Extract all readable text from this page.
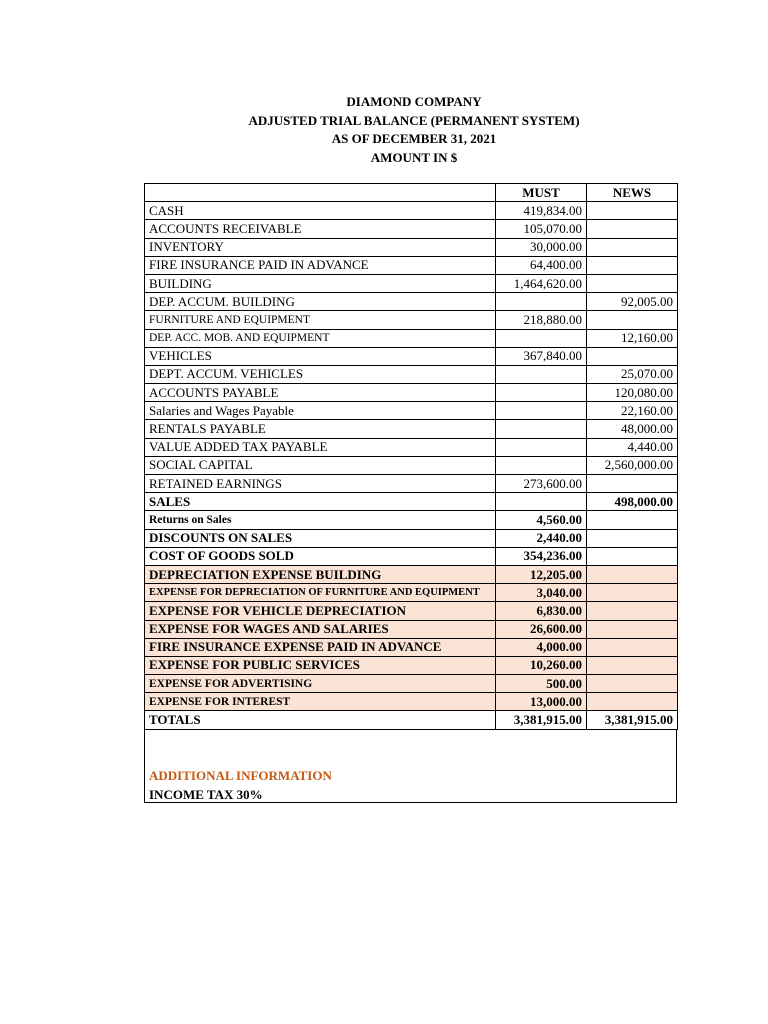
DIAMOND COMPANY
ADJUSTED TRIAL BALANCE (PERMANENT SYSTEM)
AS OF DECEMBER 31, 2021
AMOUNT IN $
	MUST	NEWS
CASH	419,834.00	
ACCOUNTS RECEIVABLE	105,070.00	
INVENTORY	30,000.00	
FIRE INSURANCE PAID IN ADVANCE	64,400.00	
BUILDING	1,464,620.00	
DEP. ACCUM. BUILDING		92,005.00
FURNITURE AND EQUIPMENT	218,880.00	
DEP. ACC. MOB. AND EQUIPMENT		12,160.00
VEHICLES	367,840.00	
DEPT. ACCUM. VEHICLES		25,070.00
ACCOUNTS PAYABLE		120,080.00
Salaries and Wages Payable		22,160.00
RENTALS PAYABLE		48,000.00
VALUE ADDED TAX PAYABLE		4,440.00
SOCIAL CAPITAL		2,560,000.00
RETAINED EARNINGS	273,600.00	
SALES		498,000.00
Returns on Sales	4,560.00	
DISCOUNTS ON SALES	2,440.00	
COST OF GOODS SOLD	354,236.00	
DEPRECIATION EXPENSE BUILDING	12,205.00	
EXPENSE FOR DEPRECIATION OF FURNITURE AND EQUIPMENT	3,040.00	
EXPENSE FOR VEHICLE DEPRECIATION	6,830.00	
EXPENSE FOR WAGES AND SALARIES	26,600.00	
FIRE INSURANCE EXPENSE PAID IN ADVANCE	4,000.00	
EXPENSE FOR PUBLIC SERVICES	10,260.00	
EXPENSE FOR ADVERTISING	500.00	
EXPENSE FOR INTEREST	13,000.00	
TOTALS	3,381,915.00	3,381,915.00
ADDITIONAL INFORMATION
INCOME TAX 30%
